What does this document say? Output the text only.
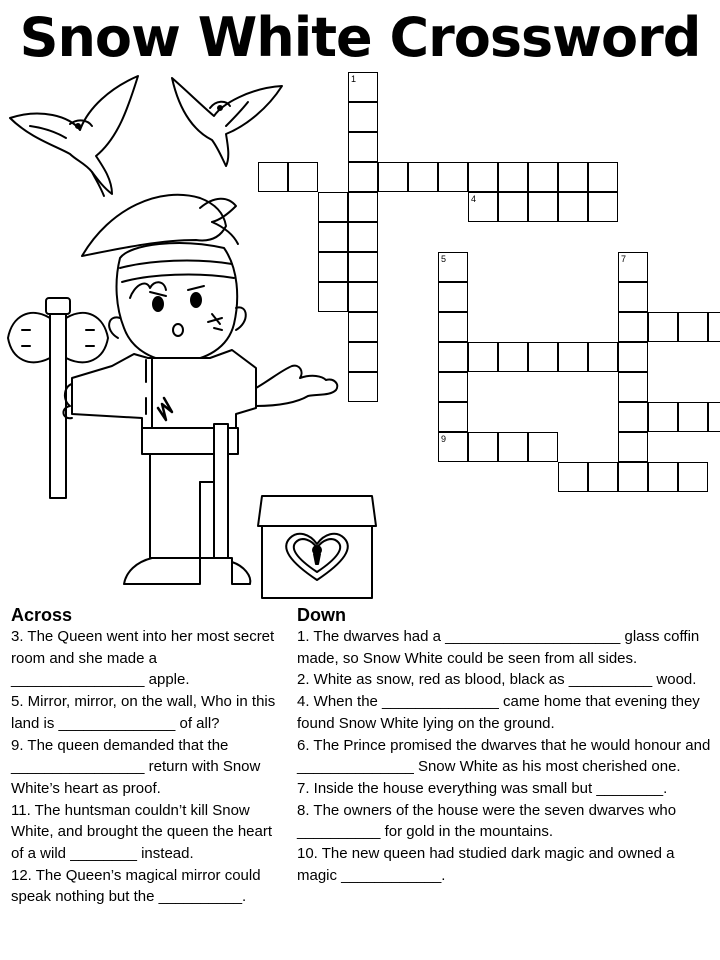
Snow White Crossword
1
4
5
9
7
Across

3. The Queen went into her most secret room and she made a ________________ apple.

5. Mirror, mirror, on the wall, Who in this land is ______________ of all?

9. The queen demanded that the ________________ return with Snow White’s heart as proof.

11. The huntsman couldn’t kill Snow White, and brought the queen the heart of a wild ________ instead.

12. The Queen’s magical mirror could speak nothing but the __________.

Down

1. The dwarves had a _____________________ glass coffin made, so Snow White could be seen from all sides.

2. White as snow, red as blood, black as __________ wood.

4. When the ______________ came home that evening they found Snow White lying on the ground.

6. The Prince promised the dwarves that he would honour and ______________ Snow White as his most cherished one.

7. Inside the house everything was small but ________.

8. The owners of the house were the seven dwarves who __________ for gold in the mountains.

10. The new queen had studied dark magic and owned a magic ____________.
